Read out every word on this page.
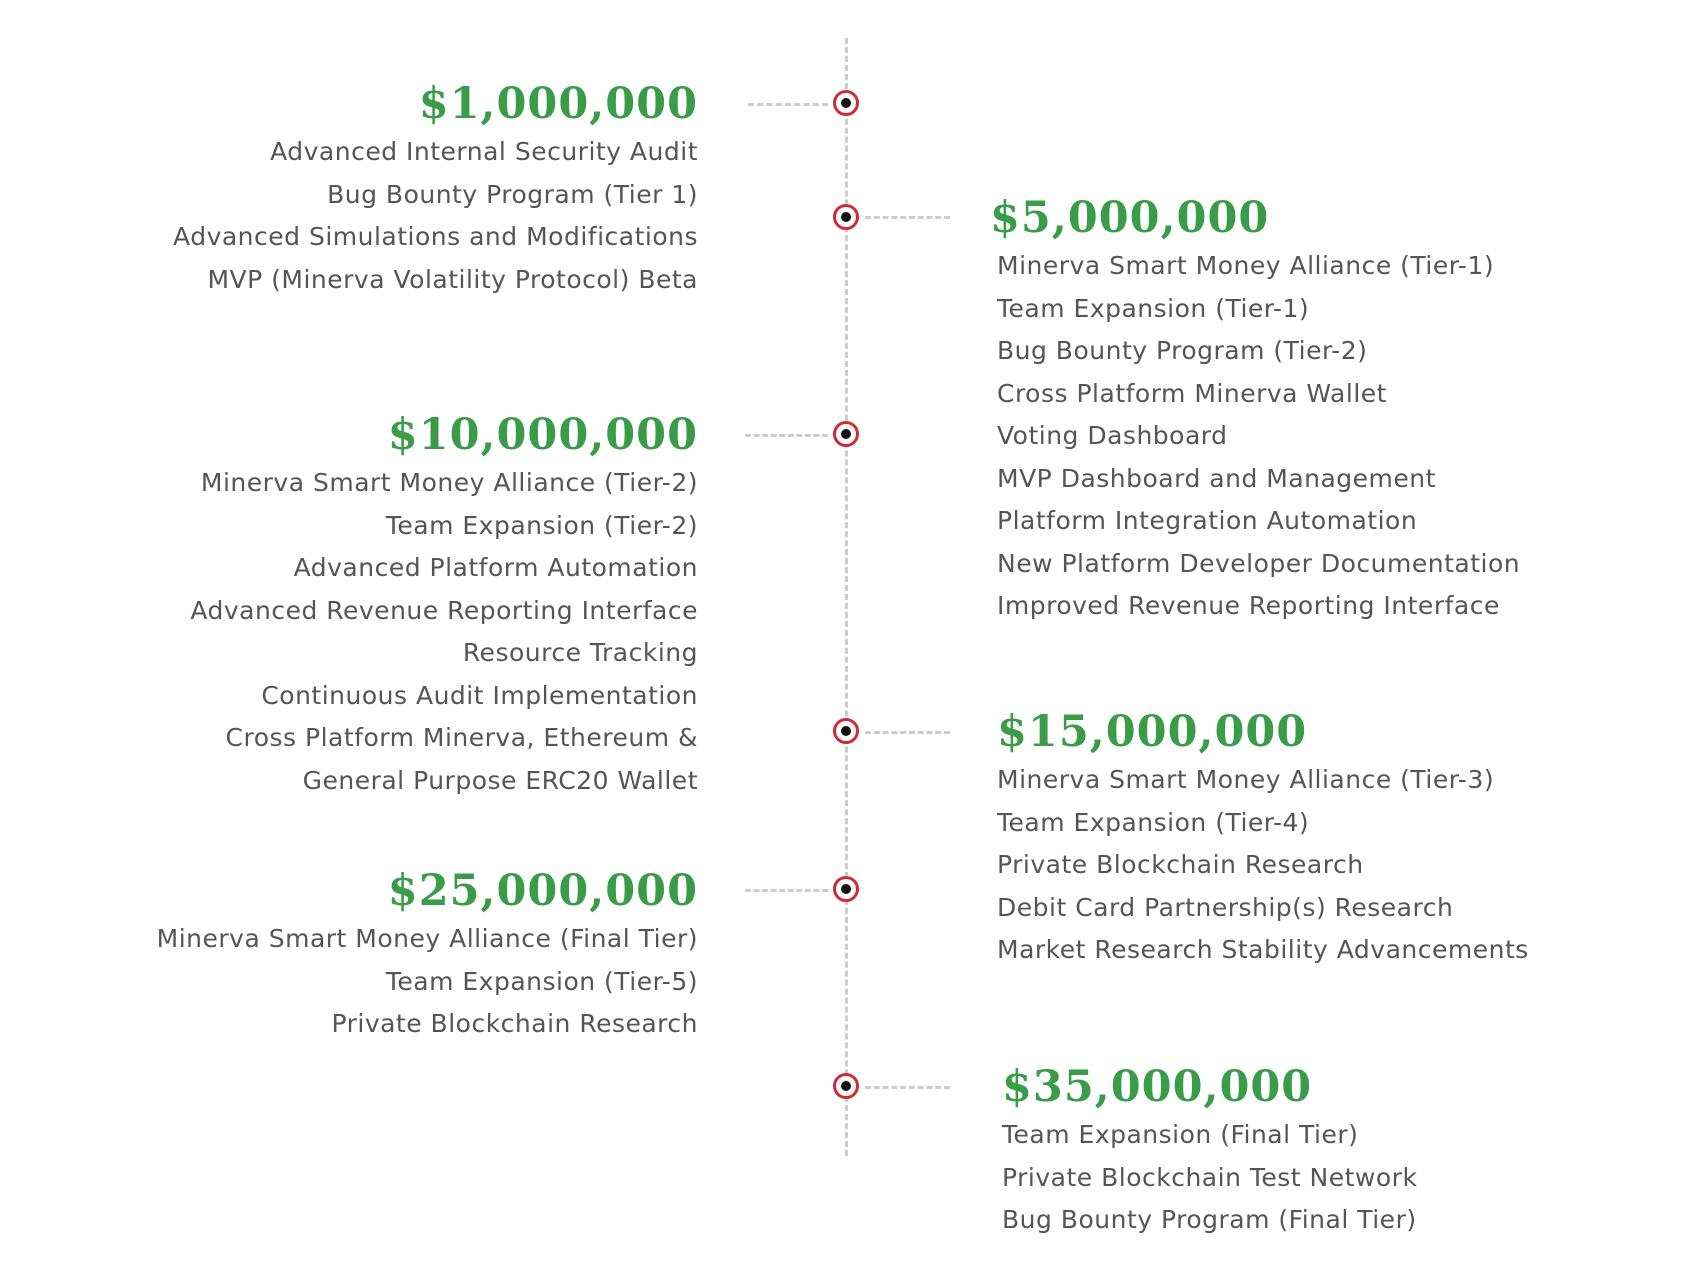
$1,000,000
Advanced Internal Security Audit
Bug Bounty Program (Tier 1)
Advanced Simulations and Modifications
MVP (Minerva Volatility Protocol) Beta
$5,000,000
Minerva Smart Money Alliance (Tier-1)
Team Expansion (Tier-1)
Bug Bounty Program (Tier-2)
Cross Platform Minerva Wallet
Voting Dashboard
MVP Dashboard and Management
Platform Integration Automation
New Platform Developer Documentation
Improved Revenue Reporting Interface
$10,000,000
Minerva Smart Money Alliance (Tier-2)
Team Expansion (Tier-2)
Advanced Platform Automation
Advanced Revenue Reporting Interface
Resource Tracking
Continuous Audit Implementation
Cross Platform Minerva, Ethereum &
General Purpose ERC20 Wallet
$15,000,000
Minerva Smart Money Alliance (Tier-3)
Team Expansion (Tier-4)
Private Blockchain Research
Debit Card Partnership(s) Research
Market Research Stability Advancements
$25,000,000
Minerva Smart Money Alliance (Final Tier)
Team Expansion (Tier-5)
Private Blockchain Research
$35,000,000
Team Expansion (Final Tier)
Private Blockchain Test Network
Bug Bounty Program (Final Tier)
